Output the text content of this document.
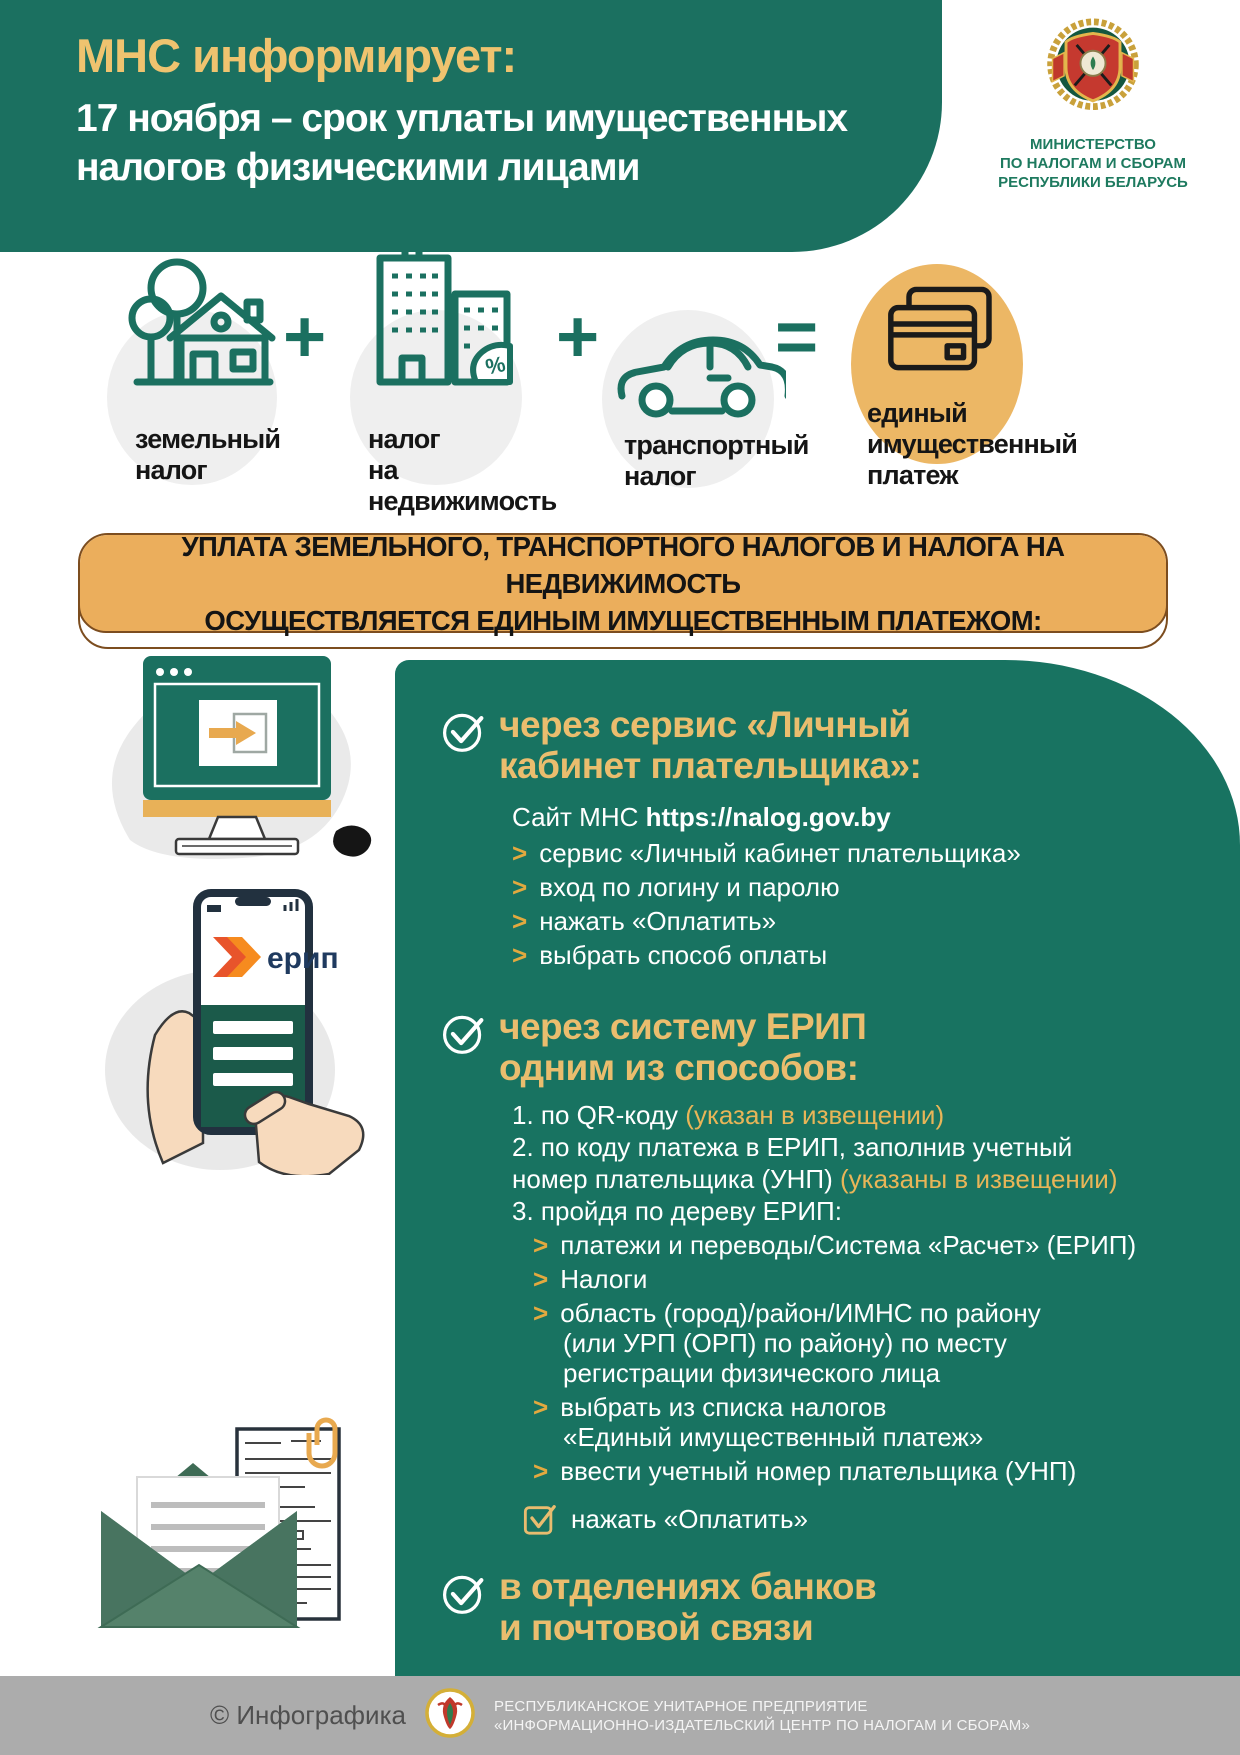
МНС информирует:
17 ноября – срок уплаты имущественных
налогов физическими лицами
МИНИСТЕРСТВО
ПО НАЛОГАМ И СБОРАМ
РЕСПУБЛИКИ БЕЛАРУСЬ
земельный
налог
+	%
налог
на недвижимость
+
транспортный
налог
=
единый
имущественный
платеж
УПЛАТА ЗЕМЕЛЬНОГО, ТРАНСПОРТНОГО НАЛОГОВ И НАЛОГА НА НЕДВИЖИМОСТЬ
ОСУЩЕСТВЛЯЕТСЯ ЕДИНЫМ ИМУЩЕСТВЕННЫМ ПЛАТЕЖОМ:
ерип
через сервис «Личный
кабинет плательщика»:
Сайт МНС https://nalog.gov.by
> сервис «Личный кабинет плательщика»
> вход по логину и паролю
> нажать «Оплатить»
> выбрать способ оплаты
через систему ЕРИП
одним из способов:
1. по QR-коду (указан в извещении)
2. по коду платежа в ЕРИП, заполнив учетный
номер плательщика (УНП) (указаны в извещении)
3. пройдя по дереву ЕРИП:
> платежи и переводы/Система «Расчет» (ЕРИП)
> Налоги
> область (город)/район/ИМНС по району
(или УРП (ОРП) по району) по месту
регистрации физического лица
> выбрать из списка налогов
«Единый имущественный платеж»
> ввести учетный номер плательщика (УНП)
нажать «Оплатить»
в отделениях банков
и почтовой связи
© Инфографика	РЕСПУБЛИКАНСКОЕ УНИТАРНОЕ ПРЕДПРИЯТИЕ
«ИНФОРМАЦИОННО-ИЗДАТЕЛЬСКИЙ ЦЕНТР ПО НАЛОГАМ И СБОРАМ»
